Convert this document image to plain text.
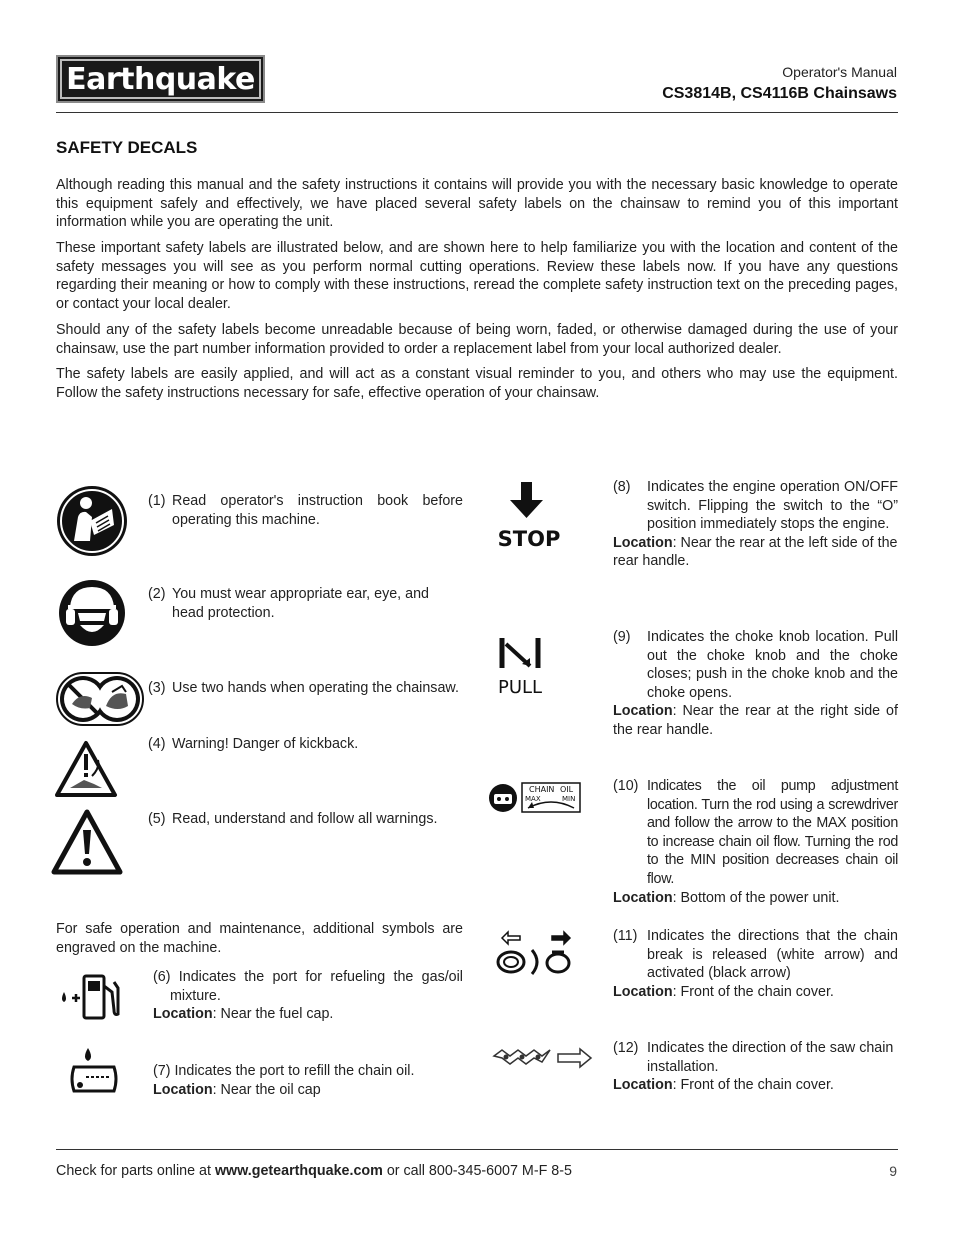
Earthquake	Operator's Manual
CS3814B, CS4116B Chainsaws
SAFETY DECALS
Although reading this manual and the safety instructions it contains will provide you with the necessary basic knowledge to operate this equipment safely and effectively, we have placed several safety labels on the chainsaw to remind you of this important information while you are operating the unit.
These important safety labels are illustrated below, and are shown here to help familiarize you with the location and content of the safety messages you will see as you perform normal cutting operations. Review these labels now. If you have any questions regarding their meaning or how to comply with these instructions, reread the complete safety instruction text on the preceding pages, or contact your local dealer.
Should any of the safety labels become unreadable because of being worn, faded, or otherwise damaged during the use of your chainsaw, use the part number information provided to order a replacement label from your local authorized dealer.
The safety labels are easily applied, and will act as a constant visual reminder to you, and others who may use the equipment. Follow the safety instructions necessary for safe, effective operation of your chainsaw.
(1) Read operator's instruction book before operating this machine.
(2) You must wear appropriate ear, eye, and head protection.
(3) Use two hands when operating the chainsaw.
(4) Warning! Danger of kickback.
(5) Read, understand and follow all warnings.
For safe operation and maintenance, additional symbols are engraved on the machine.
(6) Indicates the port for refueling the gas/oil mixture.
Location: Near the fuel cap.
(7) Indicates the port to refill the chain oil.
Location: Near the oil cap
STOP
PULL
CHAIN OIL
MAX	MIN
(8) Indicates the engine operation ON/OFF switch. Flipping the switch to the “O” position immediately stops the engine.
Location: Near the rear at the left side of the rear handle.
(9) Indicates the choke knob location. Pull out the choke knob and the choke closes; push in the choke knob and the choke opens.
Location: Near the rear at the right side of the rear handle.
(10) Indicates the oil pump adjustment location. Turn the rod using a screwdriver and follow the arrow to the MAX position to increase chain oil flow. Turning the rod to the MIN position decreases chain oil flow.
Location: Bottom of the power unit.
(11) Indicates the directions that the chain break is released (white arrow) and activated (black arrow)
Location: Front of the chain cover.
(12) Indicates the direction of the saw chain installation.
Location: Front of the chain cover.
Check for parts online at www.getearthquake.com or call 800-345-6007 M-F 8-5	9
